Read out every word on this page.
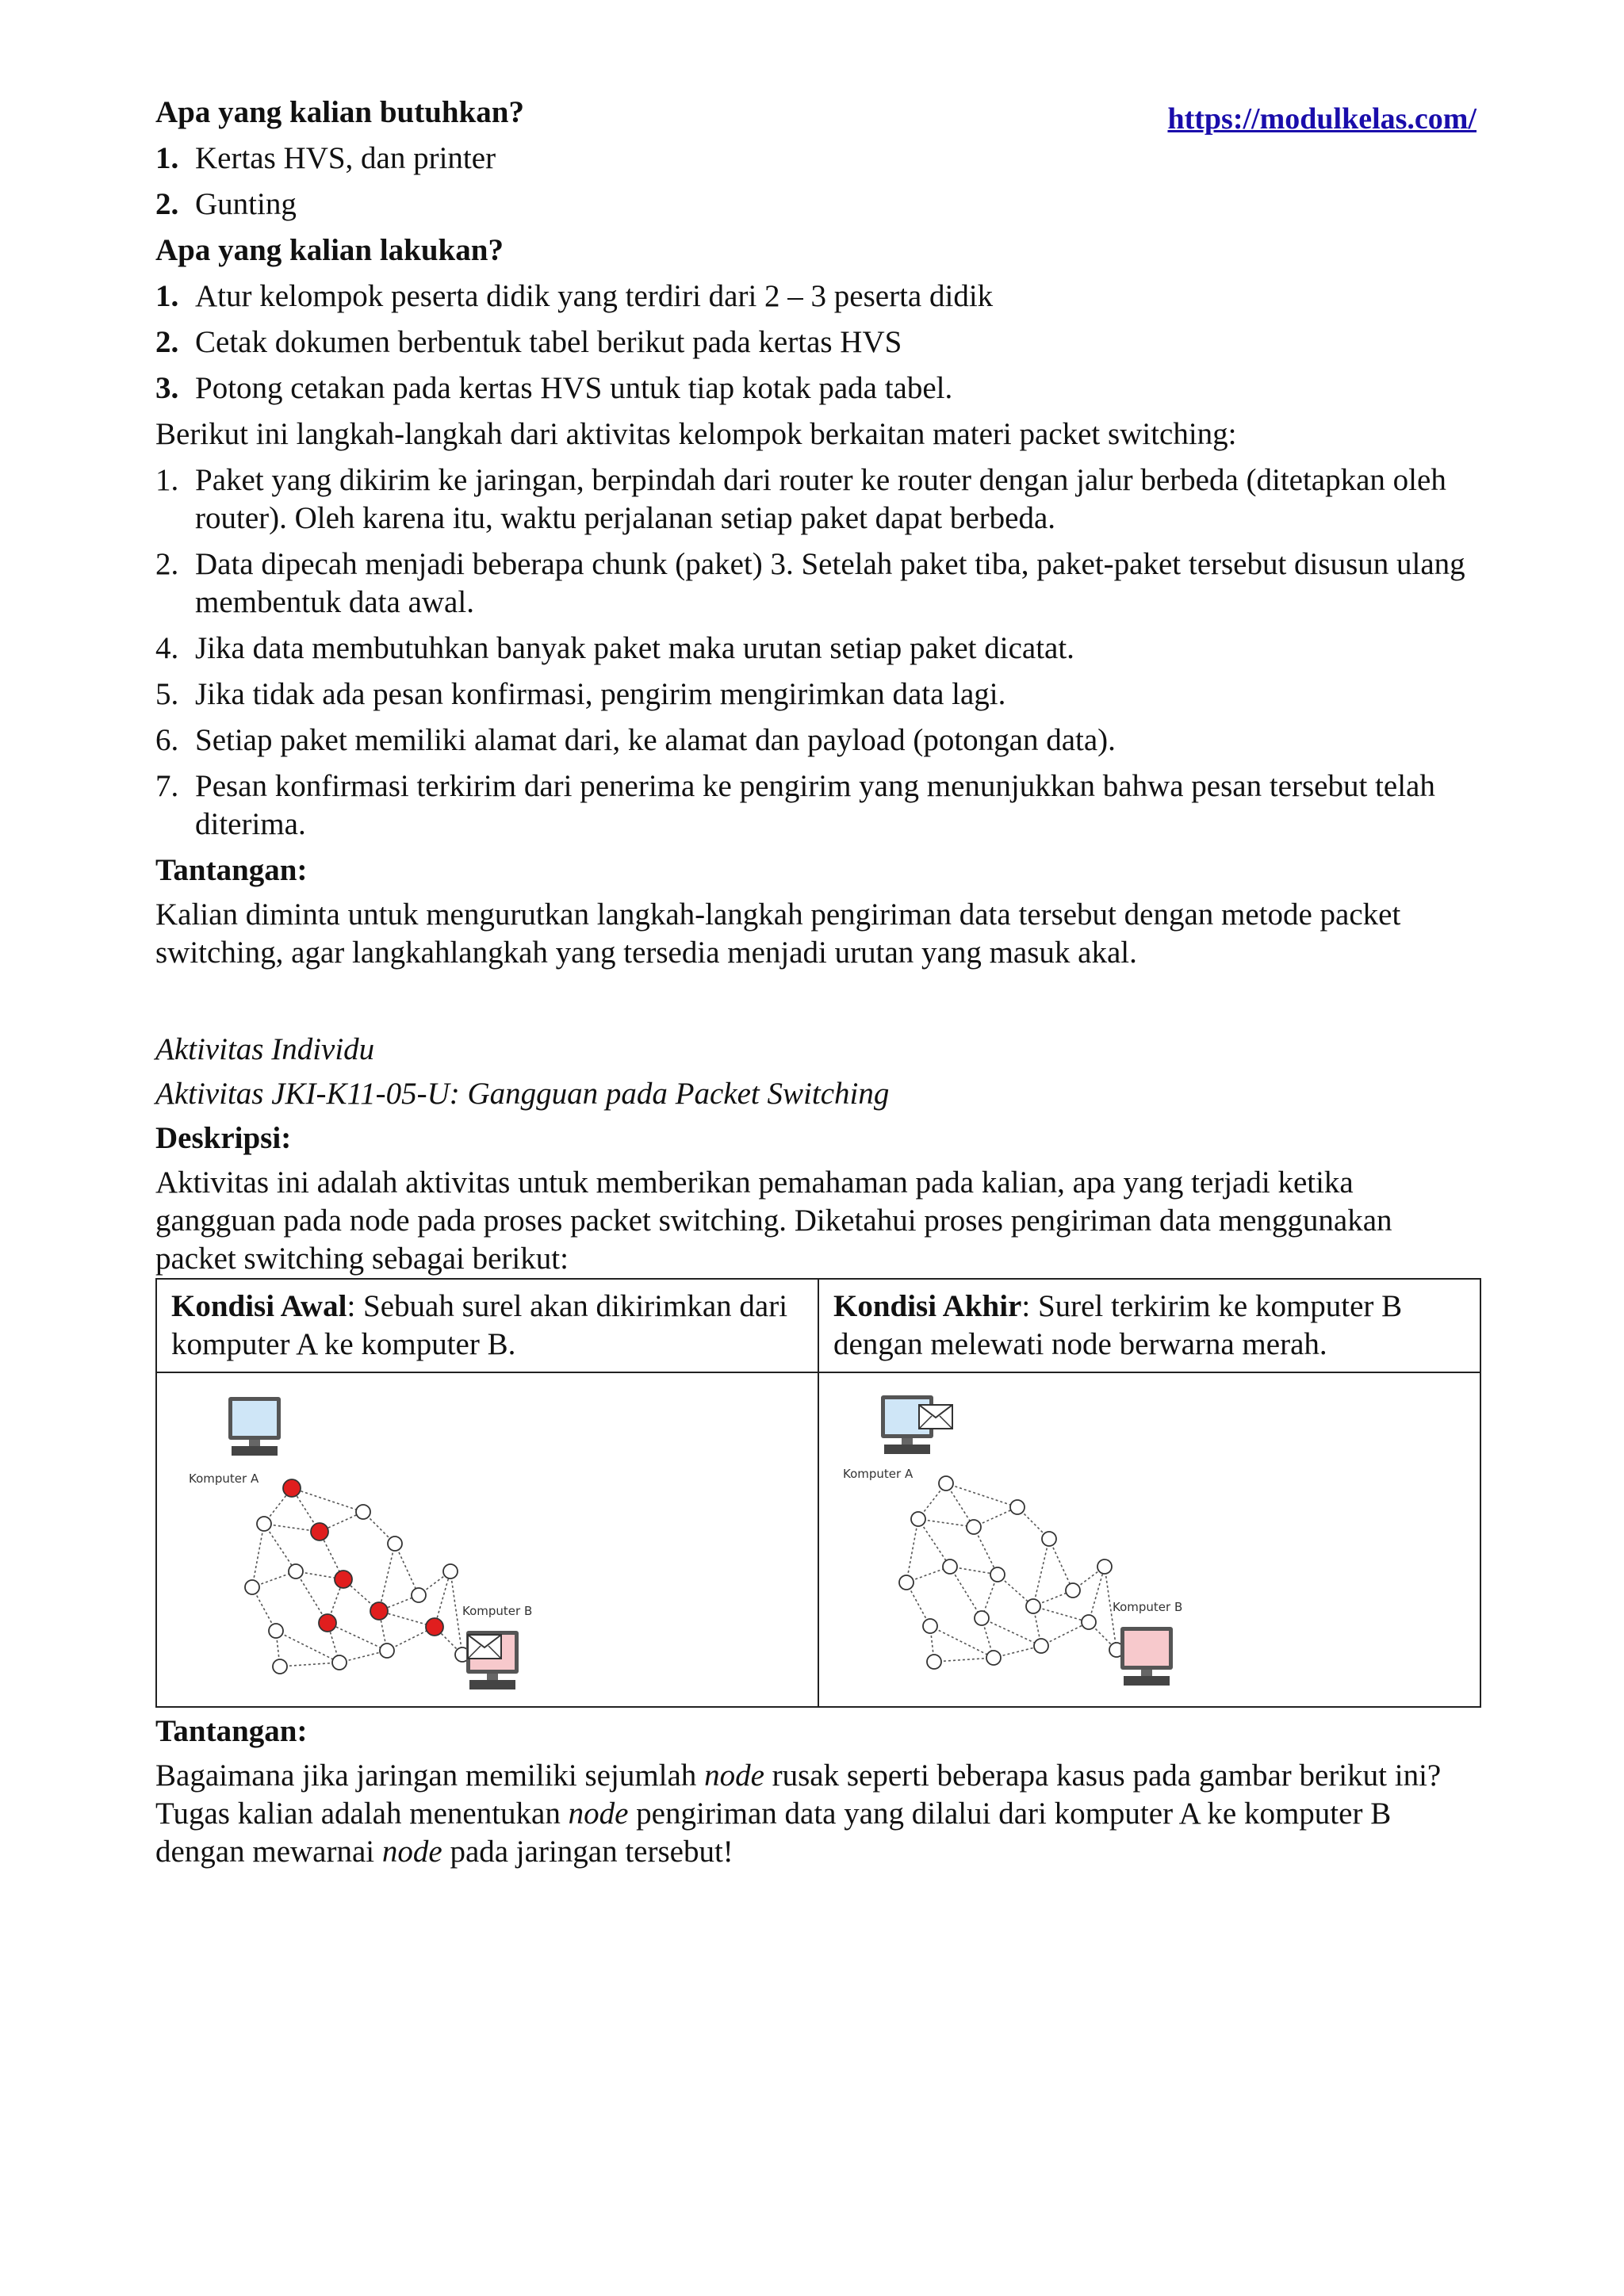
https://modulkelas.com/
Apa yang kalian butuhkan?
1. Kertas HVS, dan printer
2. Gunting
Apa yang kalian lakukan?
1. Atur kelompok peserta didik yang terdiri dari 2 – 3 peserta didik
2. Cetak dokumen berbentuk tabel berikut pada kertas HVS
3. Potong cetakan pada kertas HVS untuk tiap kotak pada tabel.
Berikut ini langkah-langkah dari aktivitas kelompok berkaitan materi packet switching:
1. Paket yang dikirim ke jaringan, berpindah dari router ke router dengan jalur berbeda (ditetapkan oleh router). Oleh karena itu, waktu perjalanan setiap paket dapat berbeda.
2. Data dipecah menjadi beberapa chunk (paket) 3. Setelah paket tiba, paket-paket tersebut disusun ulang membentuk data awal.
4. Jika data membutuhkan banyak paket maka urutan setiap paket dicatat.
5. Jika tidak ada pesan konfirmasi, pengirim mengirimkan data lagi.
6. Setiap paket memiliki alamat dari, ke alamat dan payload (potongan data).
7. Pesan konfirmasi terkirim dari penerima ke pengirim yang menunjukkan bahwa pesan tersebut telah diterima.
Tantangan:
Kalian diminta untuk mengurutkan langkah-langkah pengiriman data tersebut dengan metode packet switching, agar langkahlangkah yang tersedia menjadi urutan yang masuk akal.
Aktivitas Individu
Aktivitas JKI-K11-05-U: Gangguan pada Packet Switching
Deskripsi:
Aktivitas ini adalah aktivitas untuk memberikan pemahaman pada kalian, apa yang terjadi ketika gangguan pada node pada proses packet switching. Diketahui proses pengiriman data menggunakan packet switching sebagai berikut:
Kondisi Awal: Sebuah surel akan dikirimkan dari komputer A ke komputer B.	Kondisi Akhir: Surel terkirim ke komputer B dengan melewati node berwarna merah.

Komputer A
Komputer B	Komputer A
Komputer B
Tantangan:
Bagaimana jika jaringan memiliki sejumlah node rusak seperti beberapa kasus pada gambar berikut ini? Tugas kalian adalah menentukan node pengiriman data yang dilalui dari komputer A ke komputer B dengan mewarnai node pada jaringan tersebut!
